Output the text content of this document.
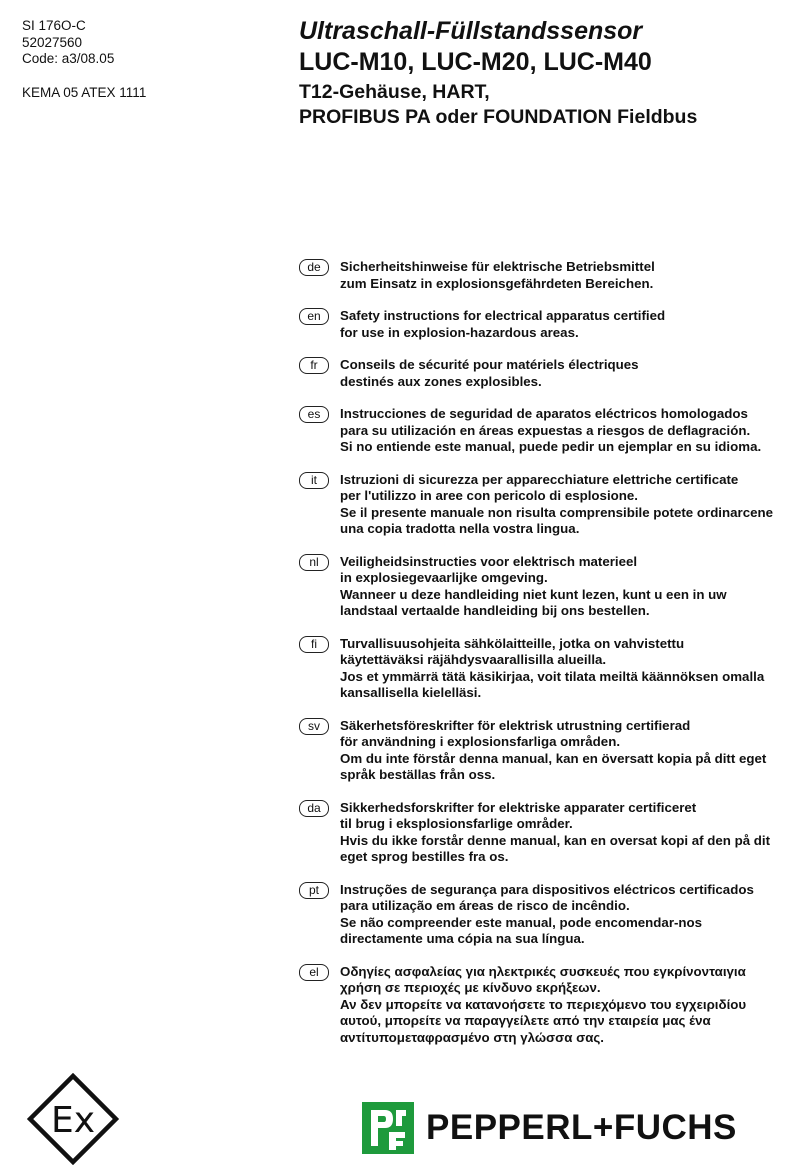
SI 176O-C
52027560
Code: a3/08.05
KEMA 05 ATEX 1111
Ultraschall-Füllstandssensor
LUC-M10, LUC-M20, LUC-M40
T12-Gehäuse, HART,
PROFIBUS PA oder FOUNDATION Fieldbus
de	Sicherheitshinweise für elektrische Betriebsmittel
zum Einsatz in explosionsgefährdeten Bereichen.
en	Safety instructions for electrical apparatus certified
for use in explosion-hazardous areas.
fr	Conseils de sécurité pour matériels électriques
destinés aux zones explosibles.
es	Instrucciones de seguridad de aparatos eléctricos homologados
para su utilización en áreas expuestas a riesgos de deflagración.
Si no entiende este manual, puede pedir un ejemplar en su idioma.
it	Istruzioni di sicurezza per apparecchiature elettriche certificate
per l'utilizzo in aree con pericolo di esplosione.
Se il presente manuale non risulta comprensibile potete ordinarcene
una copia tradotta nella vostra lingua.
nl	Veiligheidsinstructies voor elektrisch materieel
in explosiegevaarlijke omgeving.
Wanneer u deze handleiding niet kunt lezen, kunt u een in uw
landstaal vertaalde handleiding bij ons bestellen.
fi	Turvallisuusohjeita sähkölaitteille, jotka on vahvistettu
käytettäväksi räjähdysvaarallisilla alueilla.
Jos et ymmärrä tätä käsikirjaa, voit tilata meiltä käännöksen omalla
kansallisella kielelläsi.
sv	Säkerhetsföreskrifter för elektrisk utrustning certifierad
för användning i explosionsfarliga områden.
Om du inte förstår denna manual, kan en översatt kopia på ditt eget
språk beställas från oss.
da	Sikkerhedsforskrifter for elektriske apparater certificeret
til brug i eksplosionsfarlige områder.
Hvis du ikke forstår denne manual, kan en oversat kopi af den på dit
eget sprog bestilles fra os.
pt	Instruções de segurança para dispositivos eléctricos certificados
para utilização em áreas de risco de incêndio.
Se não compreender este manual, pode encomendar-nos
directamente uma cópia na sua língua.
el	Οδηγίες ασφαλείας για ηλεκτρικές συσκευές που εγκρίνονταιγια
χρήση σε περιοχές με κίνδυνο εκρήξεων.
Αν δεν μπορείτε να κατανοήσετε το περιεχόμενο του εγχειριδίου
αυτού, μπορείτε να παραγγείλετε από την εταιρεία μας ένα
αντίτυπομεταφρασμένο στη γλώσσα σας.
Ex	PEPPERL+FUCHS
